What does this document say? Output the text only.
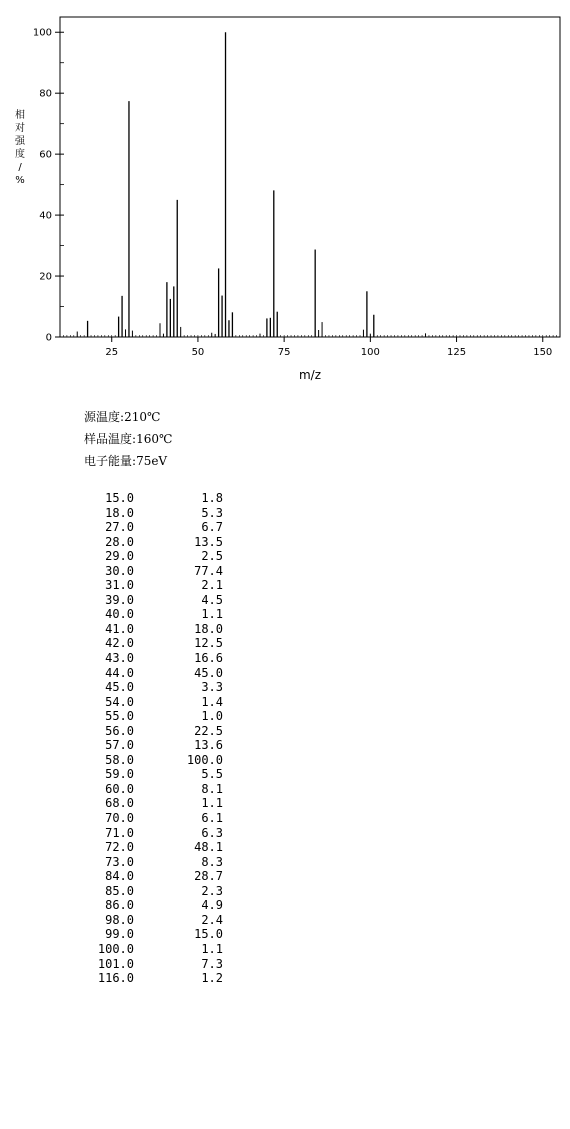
0
20
40
60
80
100
25	50	75	100	125	150
m/z
相
对
强
度
/
%
源温度:210℃
样品温度:160℃
电子能量:75eV
15.0	1.8
18.0	5.3
27.0	6.7
28.0	13.5
29.0	2.5
30.0	77.4
31.0	2.1
39.0	4.5
40.0	1.1
41.0	18.0
42.0	12.5
43.0	16.6
44.0	45.0
45.0	3.3
54.0	1.4
55.0	1.0
56.0	22.5
57.0	13.6
58.0	100.0
59.0	5.5
60.0	8.1
68.0	1.1
70.0	6.1
71.0	6.3
72.0	48.1
73.0	8.3
84.0	28.7
85.0	2.3
86.0	4.9
98.0	2.4
99.0	15.0
100.0	1.1
101.0	7.3
116.0	1.2
